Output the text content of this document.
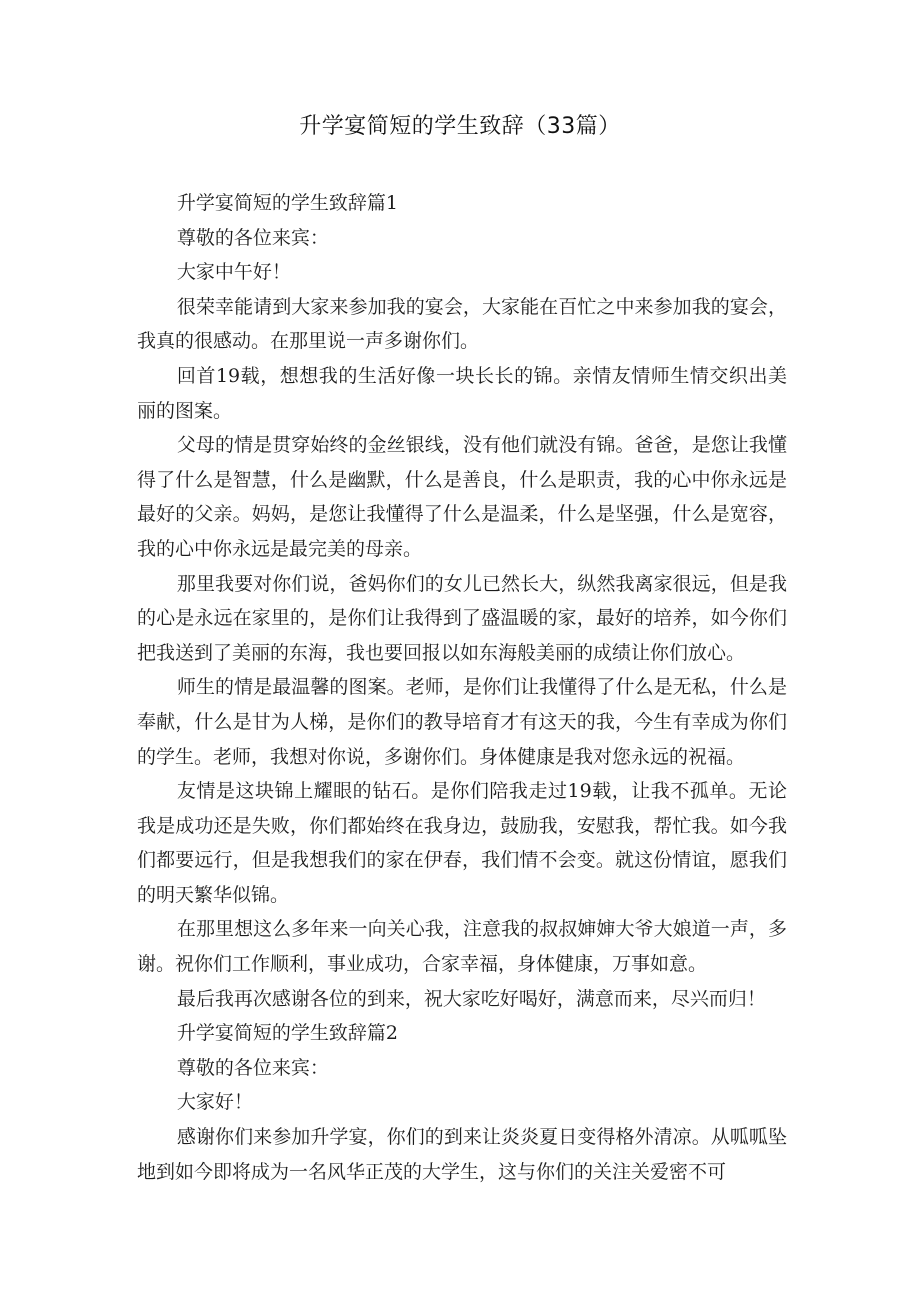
升学宴简短的学生致辞（33篇）

升学宴简短的学生致辞篇1

尊敬的各位来宾：

大家中午好！

很荣幸能请到大家来参加我的宴会，大家能在百忙之中来参加我的宴会，我真的很感动。在那里说一声多谢你们。

回首19载，想想我的生活好像一块长长的锦。亲情友情师生情交织出美丽的图案。

父母的情是贯穿始终的金丝银线，没有他们就没有锦。爸爸，是您让我懂得了什么是智慧，什么是幽默，什么是善良，什么是职责，我的心中你永远是最好的父亲。妈妈，是您让我懂得了什么是温柔，什么是坚强，什么是宽容，我的心中你永远是最完美的母亲。

那里我要对你们说，爸妈你们的女儿已然长大，纵然我离家很远，但是我的心是永远在家里的，是你们让我得到了盛温暖的家，最好的培养，如今你们把我送到了美丽的东海，我也要回报以如东海般美丽的成绩让你们放心。

师生的情是最温馨的图案。老师，是你们让我懂得了什么是无私，什么是奉献，什么是甘为人梯，是你们的教导培育才有这天的我，今生有幸成为你们的学生。老师，我想对你说，多谢你们。身体健康是我对您永远的祝福。

友情是这块锦上耀眼的钻石。是你们陪我走过19载，让我不孤单。无论我是成功还是失败，你们都始终在我身边，鼓励我，安慰我，帮忙我。如今我们都要远行，但是我想我们的家在伊春，我们情不会变。就这份情谊，愿我们的明天繁华似锦。

在那里想这么多年来一向关心我，注意我的叔叔婶婶大爷大娘道一声，多谢。祝你们工作顺利，事业成功，合家幸福，身体健康，万事如意。

最后我再次感谢各位的到来，祝大家吃好喝好，满意而来，尽兴而归！

升学宴简短的学生致辞篇2

尊敬的各位来宾：

大家好！

感谢你们来参加升学宴，你们的到来让炎炎夏日变得格外清凉。从呱呱坠地到如今即将成为一名风华正茂的大学生，这与你们的关注关爱密不可
